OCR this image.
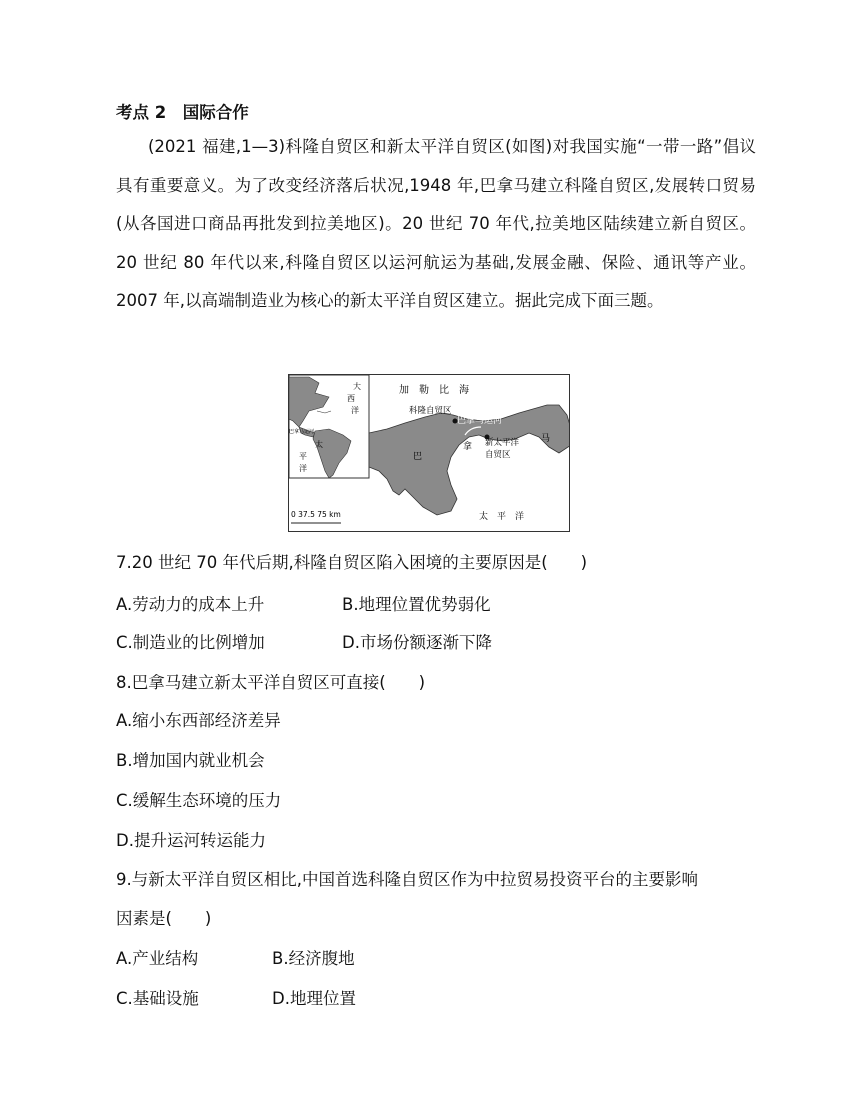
考点 2　国际合作
(2021 福建,1—3)科隆自贸区和新太平洋自贸区(如图)对我国实施“一带一路”倡议具有重要意义。为了改变经济落后状况,1948 年,巴拿马建立科隆自贸区,发展转口贸易(从各国进口商品再批发到拉美地区)。20 世纪 70 年代,拉美地区陆续建立新自贸区。20 世纪 80 年代以来,科隆自贸区以运河航运为基础,发展金融、保险、通讯等产业。2007 年,以高端制造业为核心的新太平洋自贸区建立。据此完成下面三题。
大
西
洋
巴拿马运河
太
平
洋
加　勒　比　海
科隆自贸区
巴拿马运河
新太平洋
自贸区
巴
拿
马
太　平　洋
0 37.5 75 km
7.20 世纪 70 年代后期,科隆自贸区陷入困境的主要原因是(　　)
A.劳动力的成本上升	B.地理位置优势弱化
C.制造业的比例增加	D.市场份额逐渐下降
8.巴拿马建立新太平洋自贸区可直接(　　)
A.缩小东西部经济差异
B.增加国内就业机会
C.缓解生态环境的压力
D.提升运河转运能力
9.与新太平洋自贸区相比,中国首选科隆自贸区作为中拉贸易投资平台的主要影响
因素是(　　)
A.产业结构	B.经济腹地
C.基础设施	D.地理位置
